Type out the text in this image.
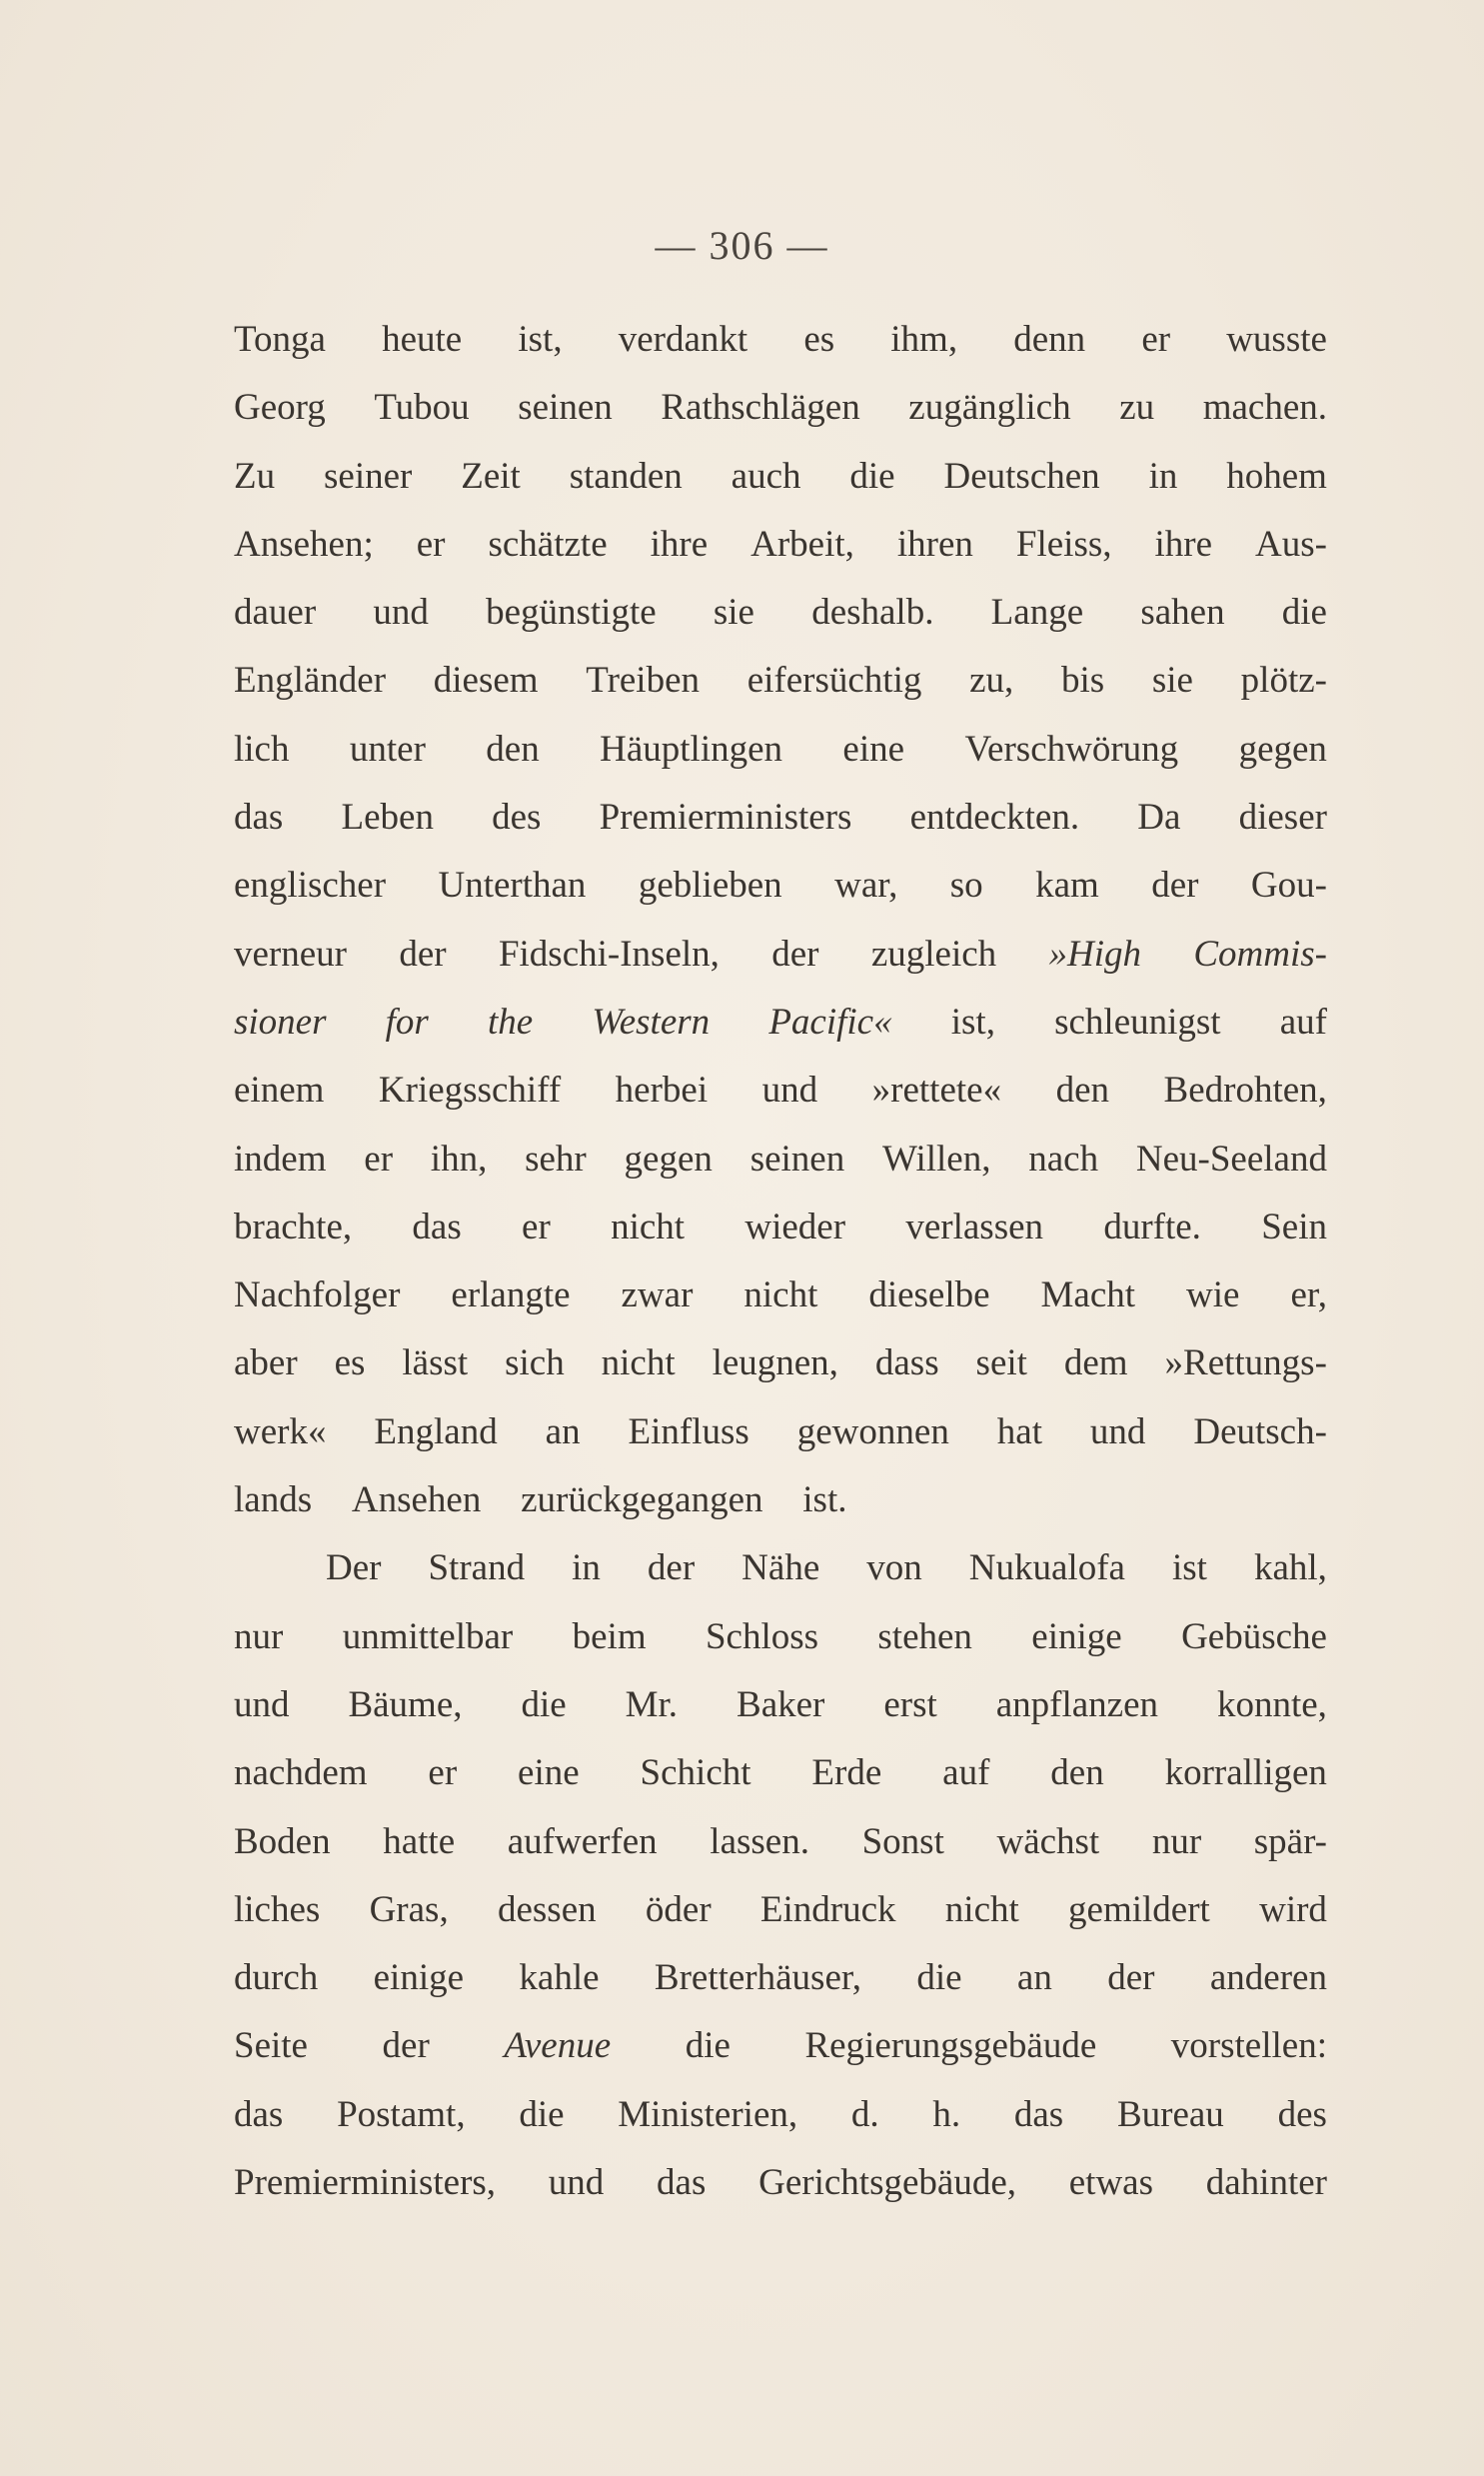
— 306 —
Tonga heute ist, verdankt es ihm, denn er wusste
Georg Tubou seinen Rathschlägen zugänglich zu machen.
Zu seiner Zeit standen auch die Deutschen in hohem
Ansehen; er schätzte ihre Arbeit, ihren Fleiss, ihre Aus-
dauer und begünstigte sie deshalb. Lange sahen die
Engländer diesem Treiben eifersüchtig zu, bis sie plötz-
lich unter den Häuptlingen eine Verschwörung gegen
das Leben des Premierministers entdeckten. Da dieser
englischer Unterthan geblieben war, so kam der Gou-
verneur der Fidschi-Inseln, der zugleich »High Commis-
sioner for the Western Pacific« ist, schleunigst auf
einem Kriegsschiff herbei und »rettete« den Bedrohten,
indem er ihn, sehr gegen seinen Willen, nach Neu-Seeland
brachte, das er nicht wieder verlassen durfte. Sein
Nachfolger erlangte zwar nicht dieselbe Macht wie er,
aber es lässt sich nicht leugnen, dass seit dem »Rettungs-
werk« England an Einfluss gewonnen hat und Deutsch-
lands
Ansehen
zurückgegangen
ist.
Der Strand in der Nähe von Nukualofa ist kahl,
nur unmittelbar beim Schloss stehen einige Gebüsche
und Bäume, die Mr. Baker erst anpflanzen konnte,
nachdem er eine Schicht Erde auf den korralligen
Boden hatte aufwerfen lassen. Sonst wächst nur spär-
liches Gras, dessen öder Eindruck nicht gemildert wird
durch einige kahle Bretterhäuser, die an der anderen
Seite der Avenue die Regierungsgebäude vorstellen:
das Postamt, die Ministerien, d. h. das Bureau des
Premierministers, und das Gerichtsgebäude, etwas dahinter
